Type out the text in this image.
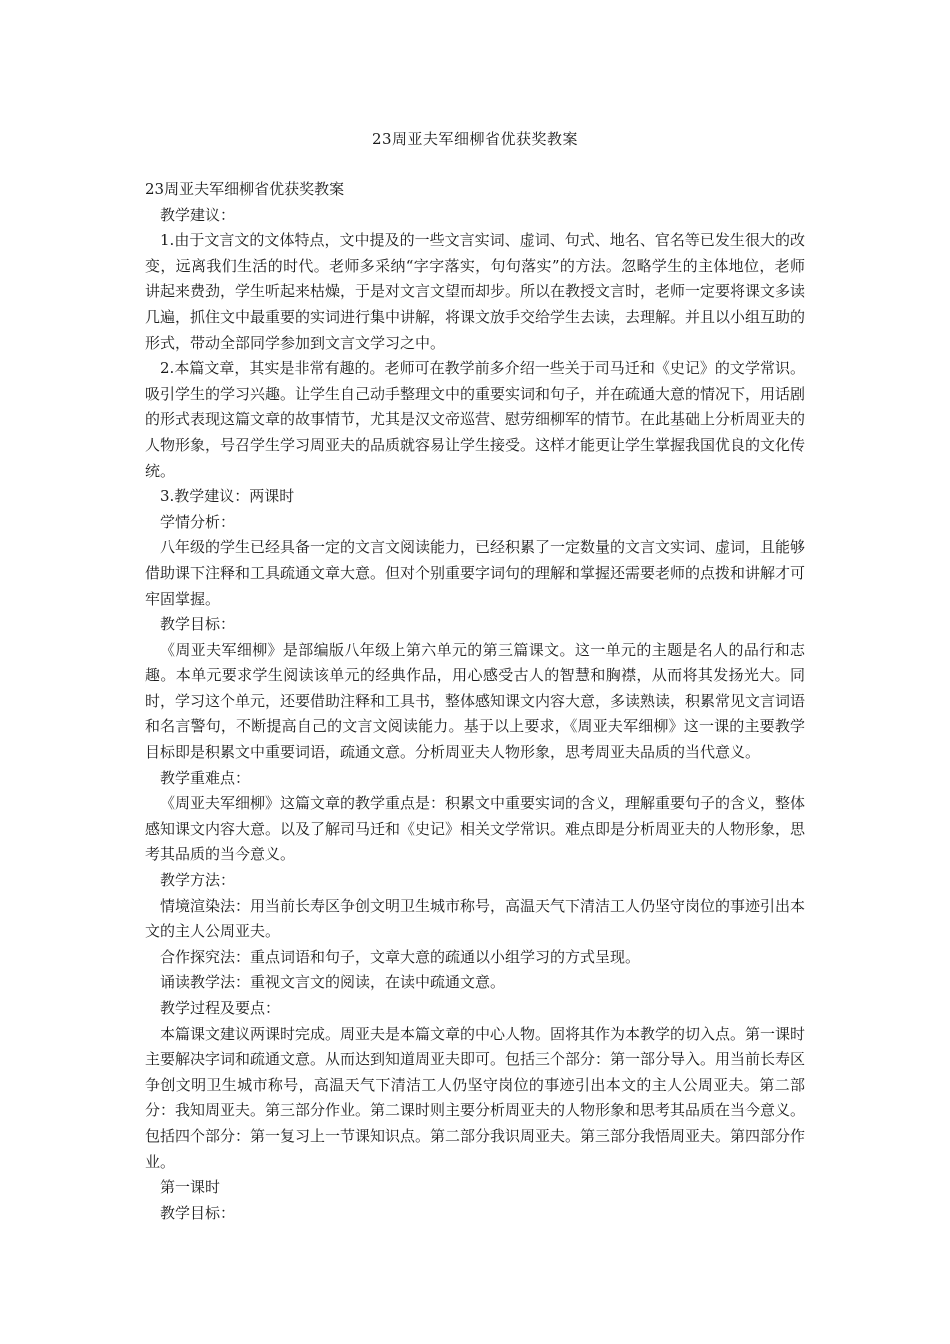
23周亚夫军细柳省优获奖教案

23周亚夫军细柳省优获奖教案

教学建议：

1.由于文言文的文体特点，文中提及的一些文言实词、虚词、句式、地名、官名等已发生很大的改变，远离我们生活的时代。老师多采纳“字字落实，句句落实”的方法。忽略学生的主体地位，老师讲起来费劲，学生听起来枯燥，于是对文言文望而却步。所以在教授文言时，老师一定要将课文多读几遍，抓住文中最重要的实词进行集中讲解，将课文放手交给学生去读，去理解。并且以小组互助的形式，带动全部同学参加到文言文学习之中。

2.本篇文章，其实是非常有趣的。老师可在教学前多介绍一些关于司马迁和《史记》的文学常识。吸引学生的学习兴趣。让学生自己动手整理文中的重要实词和句子，并在疏通大意的情况下，用话剧的形式表现这篇文章的故事情节，尤其是汉文帝巡营、慰劳细柳军的情节。在此基础上分析周亚夫的人物形象，号召学生学习周亚夫的品质就容易让学生接受。这样才能更让学生掌握我国优良的文化传统。

3.教学建议：两课时

学情分析：

八年级的学生已经具备一定的文言文阅读能力，已经积累了一定数量的文言文实词、虚词，且能够借助课下注释和工具疏通文章大意。但对个别重要字词句的理解和掌握还需要老师的点拨和讲解才可牢固掌握。

教学目标：

《周亚夫军细柳》是部编版八年级上第六单元的第三篇课文。这一单元的主题是名人的品行和志趣。本单元要求学生阅读该单元的经典作品，用心感受古人的智慧和胸襟，从而将其发扬光大。同时，学习这个单元，还要借助注释和工具书，整体感知课文内容大意，多读熟读，积累常见文言词语和名言警句，不断提高自己的文言文阅读能力。基于以上要求，《周亚夫军细柳》这一课的主要教学目标即是积累文中重要词语，疏通文意。分析周亚夫人物形象，思考周亚夫品质的当代意义。

教学重难点：

《周亚夫军细柳》这篇文章的教学重点是：积累文中重要实词的含义，理解重要句子的含义，整体感知课文内容大意。以及了解司马迁和《史记》相关文学常识。难点即是分析周亚夫的人物形象，思考其品质的当今意义。

教学方法：

情境渲染法：用当前长寿区争创文明卫生城市称号，高温天气下清洁工人仍坚守岗位的事迹引出本文的主人公周亚夫。

合作探究法：重点词语和句子，文章大意的疏通以小组学习的方式呈现。

诵读教学法：重视文言文的阅读，在读中疏通文意。

教学过程及要点：

本篇课文建议两课时完成。周亚夫是本篇文章的中心人物。固将其作为本教学的切入点。第一课时主要解决字词和疏通文意。从而达到知道周亚夫即可。包括三个部分：第一部分导入。用当前长寿区争创文明卫生城市称号，高温天气下清洁工人仍坚守岗位的事迹引出本文的主人公周亚夫。第二部分：我知周亚夫。第三部分作业。第二课时则主要分析周亚夫的人物形象和思考其品质在当今意义。包括四个部分：第一复习上一节课知识点。第二部分我识周亚夫。第三部分我悟周亚夫。第四部分作业。

第一课时

教学目标：
